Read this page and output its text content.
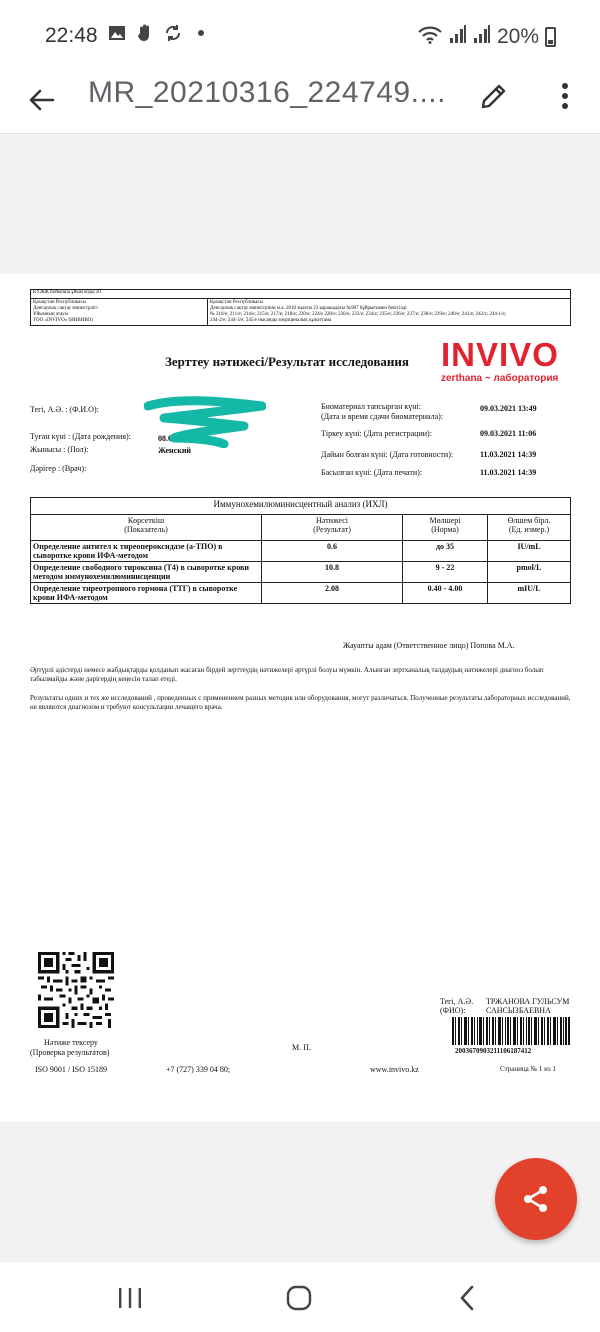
22:48	20%
MR_20210316_224749....
КҮЖЖ бойынша ұйым коды 20
Қазақстан Республикасы
Денсаулық сақтау министрлігі
Ұйымның атауы
ТОО «INVIVO» (ИНВИВО)
Қазақстан Республикасы
Денсаулық сақтау министрінің м.а. 2010 жылғы 23 қарашадағы №907 бұйрығымен бекітілді
№ 210/е; 211/е; 214/е; 215/е; 217/е; 218/е; 220/е; 224/е 228/е; 230/е; 233/е; 234/е; 235/е; 236/е; 237/е; 238/е; 239/е; 240/е; 241/е; 242/е; 244-1/е;
244-2/е; 244-3/е; 245/е нысанды медициналық құжаттама
Зерттеу нәтижесі/Результат исследования INVIVO
zerthana ~ лаборатория
Тегі, А.Ә. : (Ф.И.О):
Туған күні : (Дата рождения):	08.0
Жынысы : (Пол):	Женский
Дәрігер : (Врач):
Биоматериал тапсырған күні:
(Дата и время сдачи биоматериала):
09.03.2021 13:49
Тіркеу күні: (Дата регистрации):	09.03.2021 11:06
Дайын болған күні: (Дата готовности):	11.03.2021 14:39
Басылған күні: (Дата печати):	11.03.2021 14:39
Иммунохемилюминисцентный анализ (ИХЛ)			
Көрсеткіш
(Показатель)	Нәтижесі
(Результат)	Мөлшері
(Норма)	Өлшем бірл.
(Ед. измер.)
Определение антител к тиреопероксидазе (а-ТПО) в сыворотке крови ИФА-методом	0.6	до 35	IU/mL
Определение свободного тироксина (Т4) в сыворотке крови методом иммунохемилюминисценции	10.8	9 - 22	pmol/L
Определение тиреотропного гормона (ТТГ) в сыворотке крови ИФА-методом	2.08	0.40 - 4.00	mIU/L
Жауапты адам (Ответственное лицо) Попова М.А.
Әртүрлі әдістерді немесе жабдықтарды қолданып жасаған бірдей зерттеудің нәтижелері әртүрлі болуы мүмкін. Алынған зертханалық талдаудың нәтижелері диагноз болып табылмайды және дәрігердің кеңесін талап етеді.
Результаты одних и тех же исследований , проведенных с применением разных методик или оборудования, могут различаться. Полученные результаты лабораторных исследований, не являются диагнозом и требуют консультации лечащего врача.
Нәтиже тексеру
(Проверка результатов)
М. П.
Тегі, А.Ә.
(ФИО):
ТРЖАНОВА ГУЛЬСУМ
САНСЫЗБАЕВНА
2003670903211106187412
ISO 9001 / ISO 15189	+7 (727) 339 04 80;	www.invivo.kz	Страница № 1 из 1
